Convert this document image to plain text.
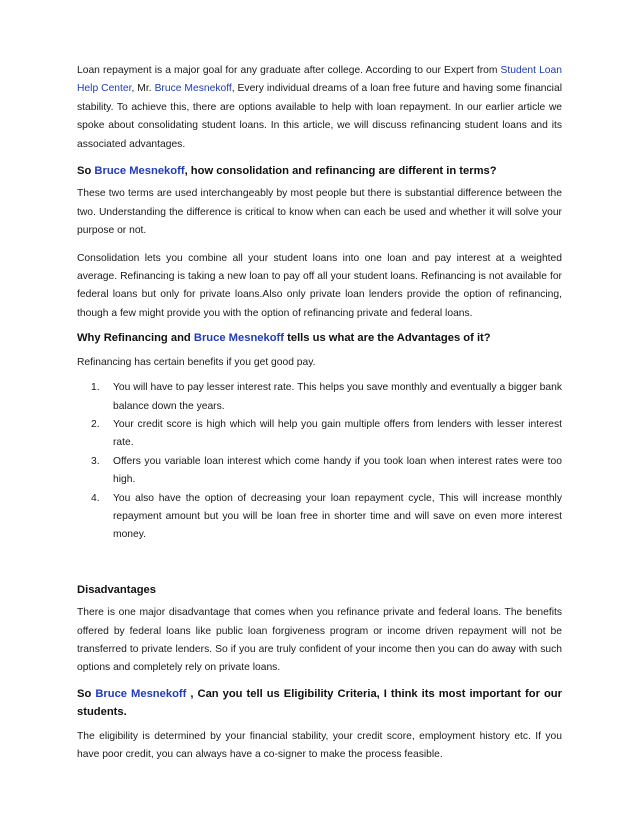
Loan repayment is a major goal for any graduate after college. According to our Expert from Student Loan Help Center, Mr. Bruce Mesnekoff, Every individual dreams of a loan free future and having some financial stability. To achieve this, there are options available to help with loan repayment. In our earlier article we spoke about consolidating student loans. In this article, we will discuss refinancing student loans and its associated advantages.

So Bruce Mesnekoff, how consolidation and refinancing are different in terms?

These two terms are used interchangeably by most people but there is substantial difference between the two. Understanding the difference is critical to know when can each be used and whether it will solve your purpose or not.

Consolidation lets you combine all your student loans into one loan and pay interest at a weighted average. Refinancing is taking a new loan to pay off all your student loans. Refinancing is not available for federal loans but only for private loans.Also only private loan lenders provide the option of refinancing, though a few might provide you with the option of refinancing private and federal loans.

Why Refinancing and Bruce Mesnekoff tells us what are the Advantages of it?

Refinancing has certain benefits if you get good pay.

1. You will have to pay lesser interest rate. This helps you save monthly and eventually a bigger bank balance down the years.
2. Your credit score is high which will help you gain multiple offers from lenders with lesser interest rate.
3. Offers you variable loan interest which come handy if you took loan when interest rates were too high.
4. You also have the option of decreasing your loan repayment cycle, This will increase monthly repayment amount but you will be loan free in shorter time and will save on even more interest money.
Disadvantages

There is one major disadvantage that comes when you refinance private and federal loans. The benefits offered by federal loans like public loan forgiveness program or income driven repayment will not be transferred to private lenders. So if you are truly confident of your income then you can do away with such options and completely rely on private loans.

So Bruce Mesnekoff , Can you tell us Eligibility Criteria, I think its most important for our students.

The eligibility is determined by your financial stability, your credit score, employment history etc. If you have poor credit, you can always have a co-signer to make the process feasible.
